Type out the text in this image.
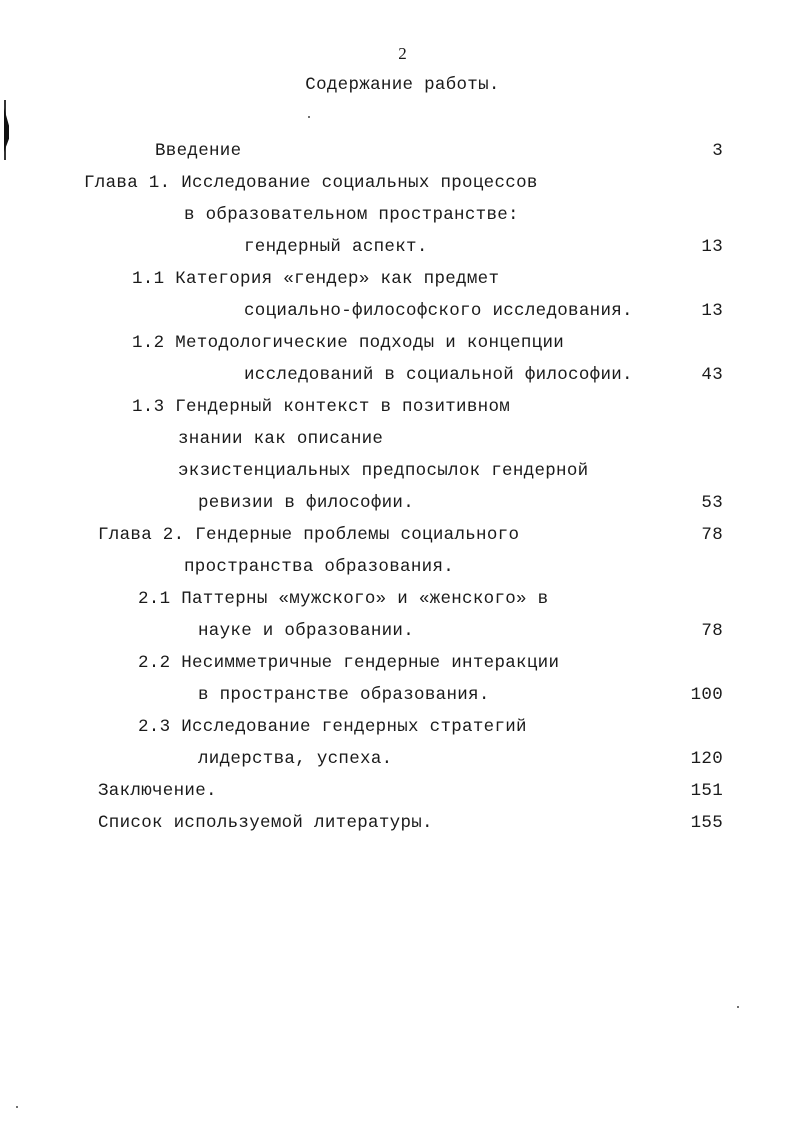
2
Содержание работы.
Введение	3
Глава 1. Исследование социальных процессов
в образовательном пространстве:
гендерный аспект.	13
1.1 Категория «гендер» как предмет
социально-философского исследования.	13
1.2 Методологические подходы и концепции
исследований в социальной философии.	43
1.3 Гендерный контекст в позитивном
знании как описание
экзистенциальных предпосылок гендерной
ревизии в философии.	53
Глава 2. Гендерные проблемы социального	78
пространства образования.
2.1 Паттерны «мужского» и «женского» в
науке и образовании.	78
2.2 Несимметричные гендерные интеракции
в пространстве образования.	100
2.3 Исследование гендерных стратегий
лидерства, успеха.	120
Заключение.	151
Список используемой литературы.	155
